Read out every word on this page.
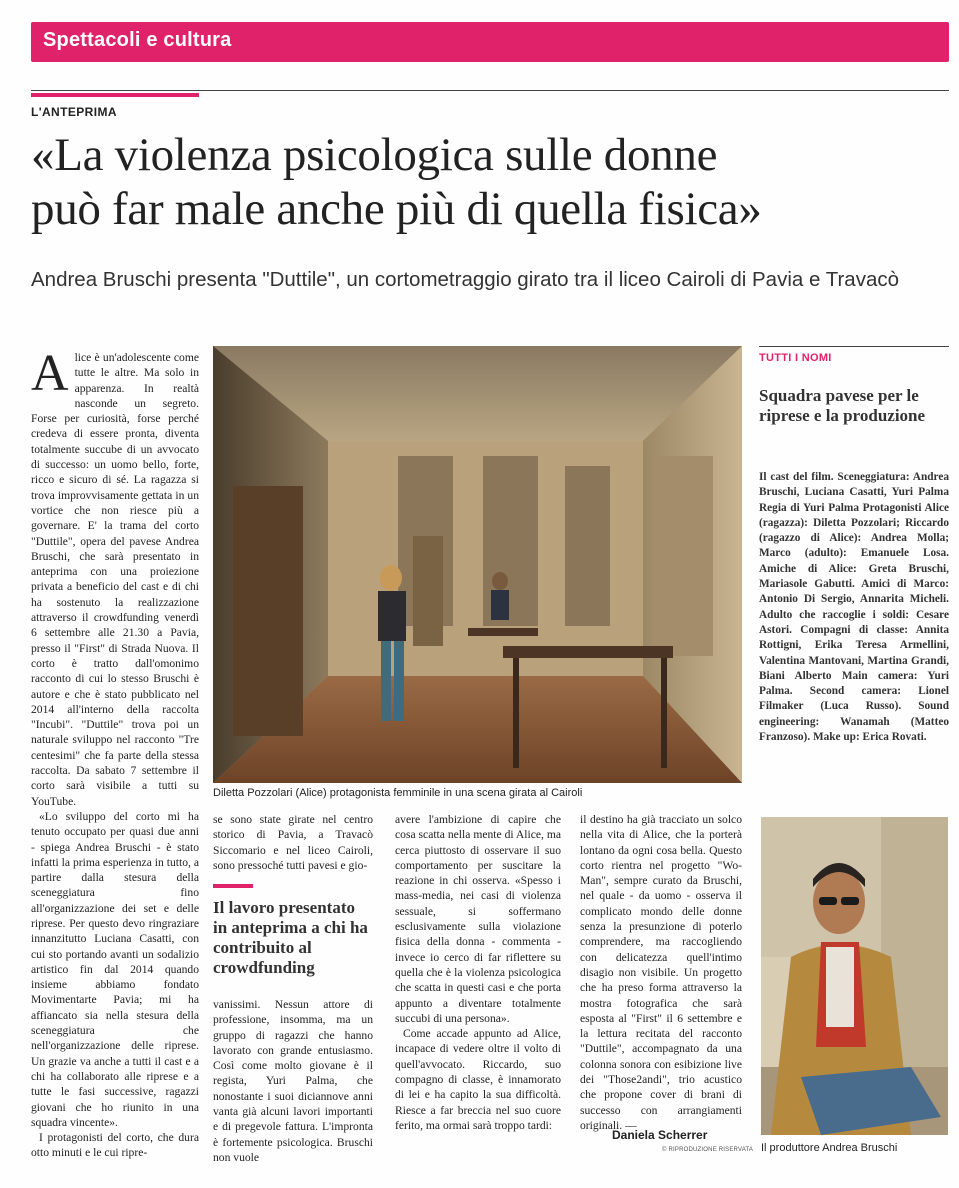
Spettacoli e cultura
L'ANTEPRIMA
«La violenza psicologica sulle donne
può far male anche più di quella fisica»
Andrea Bruschi presenta "Duttile", un cortometraggio girato tra il liceo Cairoli di Pavia e Travacò

Alice è un'adolescente come tutte le altre. Ma solo in apparenza. In realtà nasconde un segreto. Forse per curiosità, forse perché credeva di essere pronta, diventa totalmente succube di un avvocato di successo: un uomo bello, forte, ricco e sicuro di sé. La ragazza si trova improvvisamente gettata in un vortice che non riesce più a governare. E' la trama del corto "Duttile", opera del pavese Andrea Bruschi, che sarà presentato in anteprima con una proiezione privata a beneficio del cast e di chi ha sostenuto la realizzazione attraverso il crowdfunding venerdì 6 settembre alle 21.30 a Pavia, presso il "First" di Strada Nuova. Il corto è tratto dall'omonimo racconto di cui lo stesso Bruschi è autore e che è stato pubblicato nel 2014 all'interno della raccolta "Incubi". "Duttile" trova poi un naturale sviluppo nel racconto "Tre centesimi" che fa parte della stessa raccolta. Da sabato 7 settembre il corto sarà visibile a tutti su YouTube.

«Lo sviluppo del corto mi ha tenuto occupato per quasi due anni - spiega Andrea Bruschi - è stato infatti la prima esperienza in tutto, a partire dalla stesura della sceneggiatura fino all'organizzazione dei set e delle riprese. Per questo devo ringraziare innanzitutto Luciana Casatti, con cui sto portando avanti un sodalizio artistico fin dal 2014 quando insieme abbiamo fondato Movimentarte Pavia; mi ha affiancato sia nella stesura della sceneggiatura che nell'organizzazione delle riprese. Un grazie va anche a tutti il cast e a chi ha collaborato alle riprese e a tutte le fasi successive, ragazzi giovani che ho riunito in una squadra vincente».

I protagonisti del corto, che dura otto minuti e le cui ripre-

Diletta Pozzolari (Alice) protagonista femminile in una scena girata al Cairoli

se sono state girate nel centro storico di Pavia, a Travacò Siccomario e nel liceo Cairoli, sono pressoché tutti pavesi e gio-

Il lavoro presentato in anteprima a chi ha contribuito al crowdfunding

vanissimi. Nessun attore di professione, insomma, ma un gruppo di ragazzi che hanno lavorato con grande entusiasmo. Così come molto giovane è il regista, Yuri Palma, che nonostante i suoi diciannove anni vanta già alcuni lavori importanti e di pregevole fattura. L'impronta è fortemente psicologica. Bruschi non vuole

avere l'ambizione di capire che cosa scatta nella mente di Alice, ma cerca piuttosto di osservare il suo comportamento per suscitare la reazione in chi osserva. «Spesso i mass-media, nei casi di violenza sessuale, si soffermano esclusivamente sulla violazione fisica della donna - commenta - invece io cerco di far riflettere su quella che è la violenza psicologica che scatta in questi casi e che porta appunto a diventare totalmente succubi di una persona».

Come accade appunto ad Alice, incapace di vedere oltre il volto di quell'avvocato. Riccardo, suo compagno di classe, è innamorato di lei e ha capito la sua difficoltà. Riesce a far breccia nel suo cuore ferito, ma ormai sarà troppo tardi:

il destino ha già tracciato un solco nella vita di Alice, che la porterà lontano da ogni cosa bella. Questo corto rientra nel progetto "Wo-Man", sempre curato da Bruschi, nel quale - da uomo - osserva il complicato mondo delle donne senza la presunzione di poterlo comprendere, ma raccogliendo con delicatezza quell'intimo disagio non visibile. Un progetto che ha preso forma attraverso la mostra fotografica che sarà esposta al "First" il 6 settembre e la lettura recitata del racconto "Duttile", accompagnato da una colonna sonora con esibizione live dei "Those2andi", trio acustico che propone cover di brani di successo con arrangiamenti originali. —

Daniela Scherrer
© RIPRODUZIONE RISERVATA
TUTTI I NOMI
Squadra pavese per le riprese e la produzione
Il cast del film. Sceneggiatura: Andrea Bruschi, Luciana Casatti, Yuri Palma Regia di Yuri Palma Protagonisti Alice (ragazza): Diletta Pozzolari; Riccardo (ragazzo di Alice): Andrea Molla; Marco (adulto): Emanuele Losa. Amiche di Alice: Greta Bruschi, Mariasole Gabutti. Amici di Marco: Antonio Di Sergio, Annarita Micheli. Adulto che raccoglie i soldi: Cesare Astori. Compagni di classe: Annita Rottigni, Erika Teresa Armellini, Valentina Mantovani, Martina Grandi, Biani Alberto Main camera: Yuri Palma. Second camera: Lionel Filmaker (Luca Russo). Sound engineering: Wanamah (Matteo Franzoso). Make up: Erica Rovati.
Il produttore Andrea Bruschi
